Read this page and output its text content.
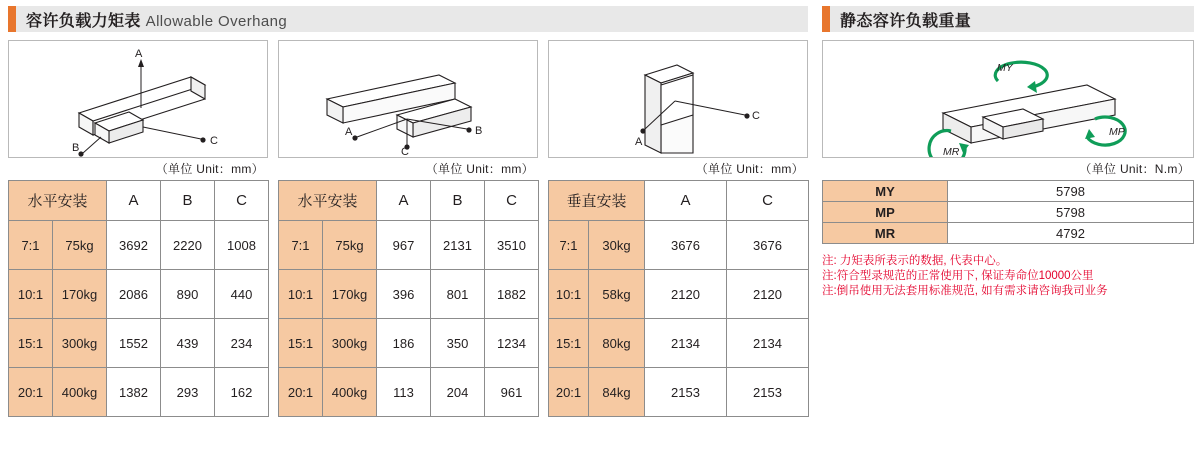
容许负载力矩表 Allowable Overhang
A
C
B
（单位 Unit：mm）
水平安装		A	B	C
7:1	75kg	3692	2220	1008
10:1	170kg	2086	890	440
15:1	300kg	1552	439	234
20:1	400kg	1382	293	162
A
C
B
（单位 Unit：mm）
水平安装		A	B	C
7:1	75kg	967	2131	3510
10:1	170kg	396	801	1882
15:1	300kg	186	350	1234
20:1	400kg	113	204	961
A
C
（单位 Unit：mm）
垂直安装		A	C
7:1	30kg	3676	3676
10:1	58kg	2120	2120
15:1	80kg	2134	2134
20:1	84kg	2153	2153
静态容许负载重量
MY
MP
MR
（单位 Unit：N.m）
MY	5798
MP	5798
MR	4792
注: 力矩表所表示的数据, 代表中心。
注:符合型录规范的正常使用下, 保证寿命位10000公里
注:倒吊使用无法套用标准规范, 如有需求请咨询我司业务
